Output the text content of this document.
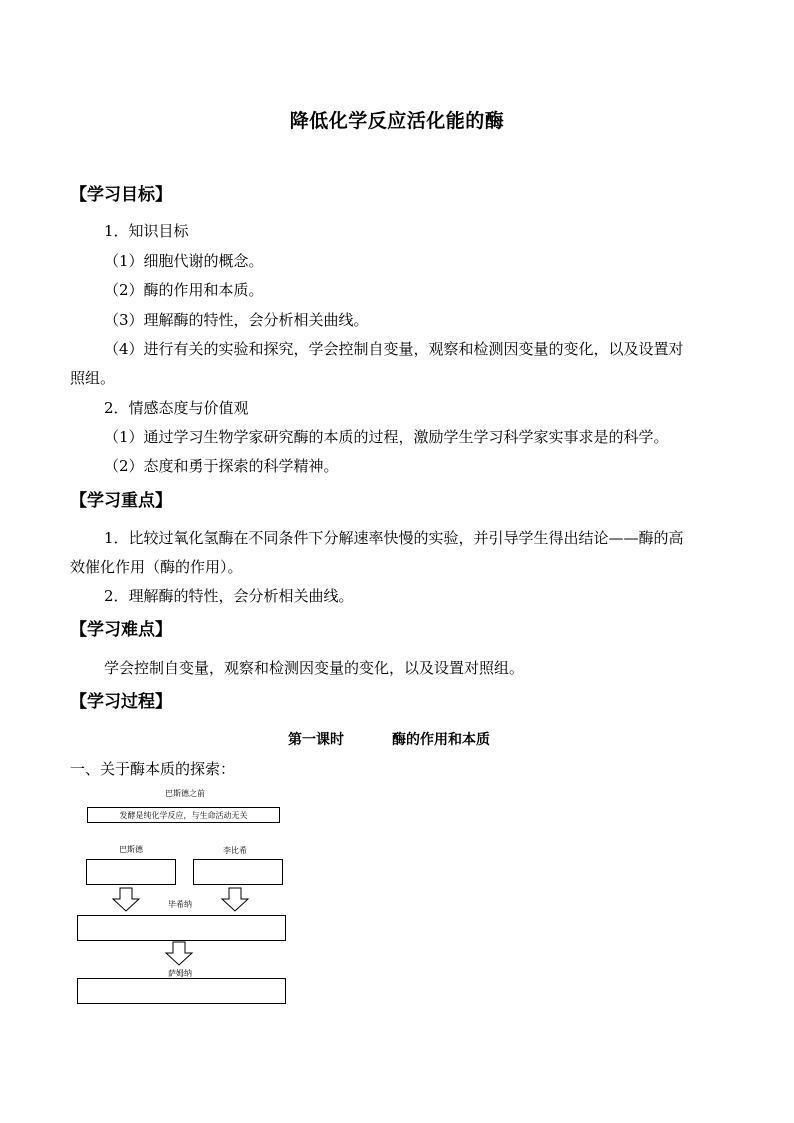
降低化学反应活化能的酶
【学习目标】
1．知识目标
（1）细胞代谢的概念。
（2）酶的作用和本质。
（3）理解酶的特性，会分析相关曲线。
（4）进行有关的实验和探究，学会控制自变量，观察和检测因变量的变化，以及设置对
照组。
2．情感态度与价值观
（1）通过学习生物学家研究酶的本质的过程，激励学生学习科学家实事求是的科学。
（2）态度和勇于探索的科学精神。
【学习重点】
1．比较过氧化氢酶在不同条件下分解速率快慢的实验，并引导学生得出结论——酶的高
效催化作用（酶的作用）。
2．理解酶的特性，会分析相关曲线。
【学习难点】
学会控制自变量，观察和检测因变量的变化，以及设置对照组。
【学习过程】
第一课时	酶的作用和本质
一、关于酶本质的探索：
巴斯德之前
发酵是纯化学反应，与生命活动无关
巴斯德	李比希
毕希纳
萨姆纳
